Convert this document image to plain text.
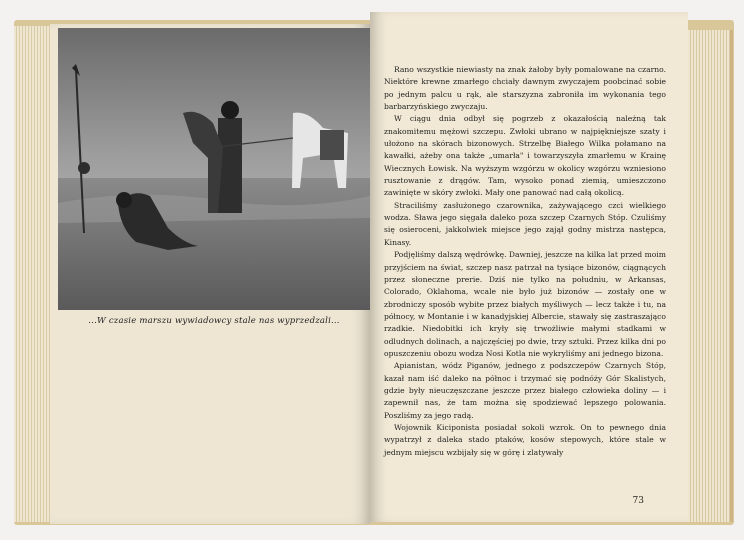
...W czasie marszu wywiadowcy stale nas wyprzedzali...

Rano wszystkie niewiasty na znak żałoby były pomalowane na czarno. Niektóre krewne zmarłego chciały dawnym zwyczajem poobcinać sobie po jednym palcu u rąk, ale starszyzna zabroniła im wykonania tego barbarzyńskiego zwyczaju.

W ciągu dnia odbył się pogrzeb z okazałością należną tak znakomitemu mężowi szczepu. Zwłoki ubrano w najpiękniejsze szaty i ułożono na skórach bizonowych. Strzelbę Białego Wilka połamano na kawałki, ażeby ona także „umarła" i towarzyszyła zmarłemu w Krainę Wiecznych Łowisk. Na wyższym wzgórzu w okolicy wzgórzu wzniesiono rusztowanie z drągów. Tam, wysoko ponad ziemią, umieszczono zawinięte w skóry zwłoki. Mały one panować nad całą okolicą.

Straciliśmy zasłużonego czarownika, zażywającego czci wielkiego wodza. Sława jego sięgała daleko poza szczep Czarnych Stóp. Czuliśmy się osieroceni, jakkolwiek miejsce jego zajął godny mistrza następca, Kinasy.

Podjęliśmy dalszą wędrówkę. Dawniej, jeszcze na kilka lat przed moim przyjściem na świat, szczep nasz patrzał na tysiące bizonów, ciągnących przez słoneczne prerie. Dziś nie tylko na południu, w Arkansas, Colorado, Oklahoma, wcale nie było już bizonów — zostały one w zbrodniczy sposób wybite przez białych myśliwych — lecz także i tu, na północy, w Montanie i w kanadyjskiej Albercie, stawały się zastraszająco rzadkie. Niedobitki ich kryły się trwożliwie małymi stadkami w odludnych dolinach, a najczęściej po dwie, trzy sztuki. Przez kilka dni po opuszczeniu obozu wodza Nosi Kotla nie wykryliśmy ani jednego bizona.

Apianistan, wódz Piganów, jednego z podszczepów Czarnych Stóp, kazał nam iść daleko na północ i trzymać się podnóży Gór Skalistych, gdzie były nieuczęszczane jeszcze przez białego człowieka doliny — i zapewnił nas, że tam można się spodziewać lepszego polowania. Poszliśmy za jego radą.

Wojownik Kiciponista posiadał sokoli wzrok. On to pewnego dnia wypatrzył z daleka stado ptaków, kosów stepowych, które stale w jednym miejscu wzbijały się w górę i zlatywały

73
